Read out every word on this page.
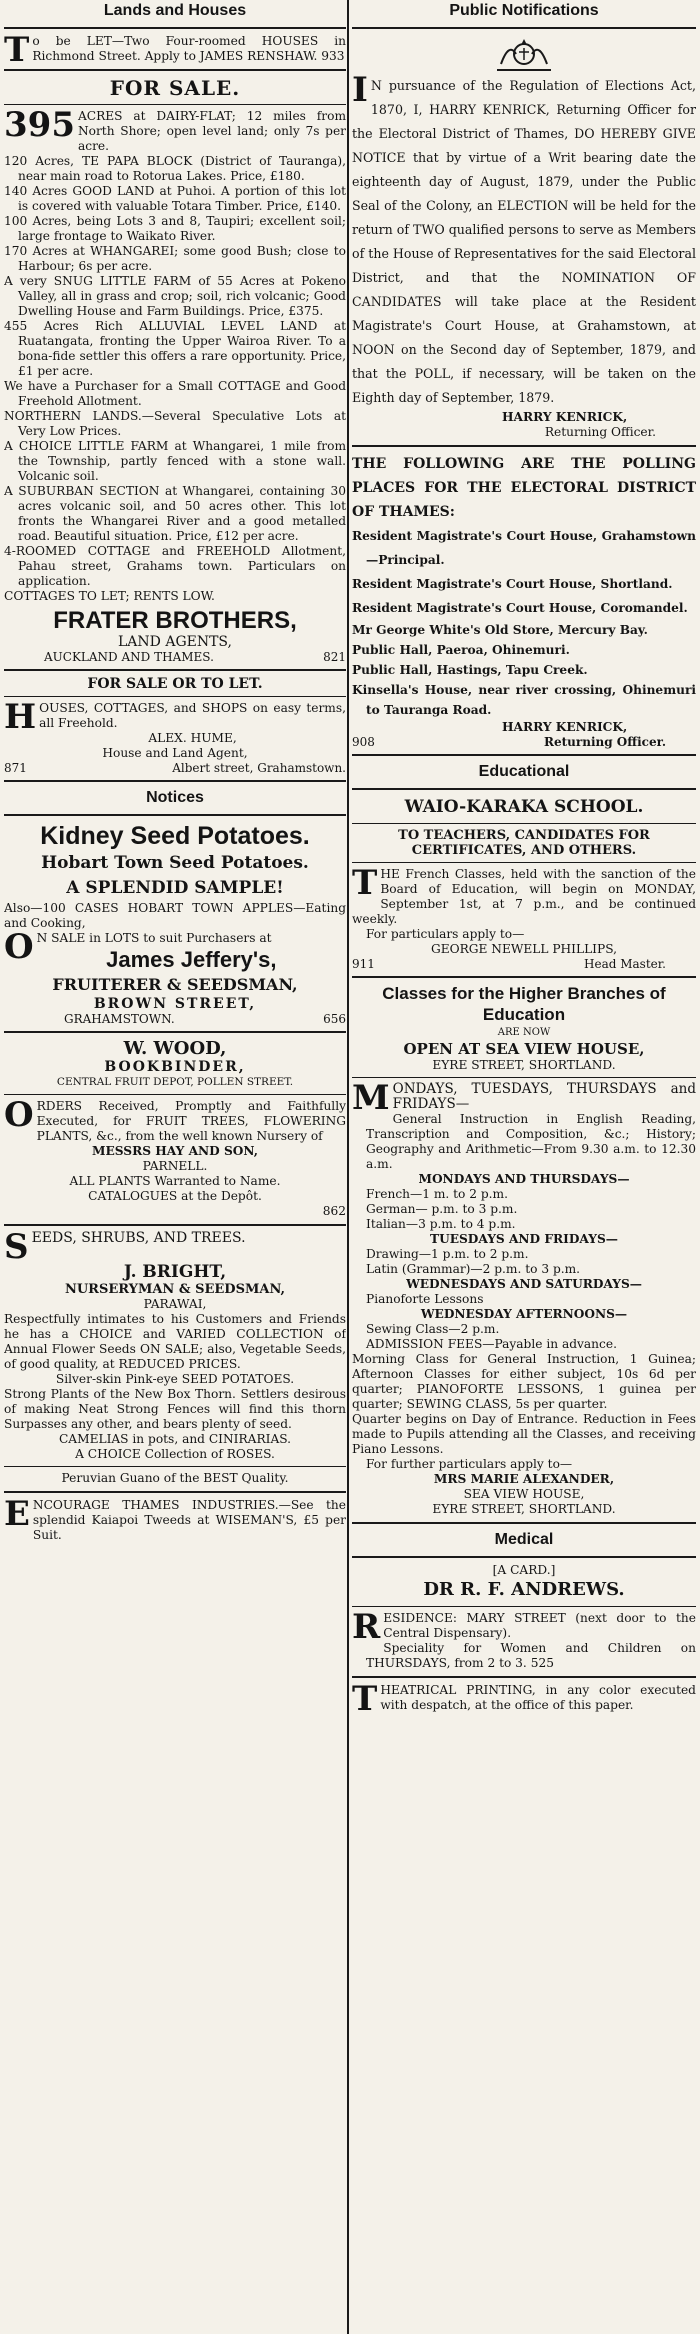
Lands and Houses

To be LET—Two Four-roomed HOUSES in Richmond Street. Apply to JAMES RENSHAW. 933

FOR SALE.

395 ACRES at DAIRY-FLAT; 12 miles from North Shore; open level land; only 7s per acre.

120 Acres, TE PAPA BLOCK (District of Tauranga), near main road to Rotorua Lakes. Price, £180.

140 Acres GOOD LAND at Puhoi. A portion of this lot is covered with valuable Totara Timber. Price, £140.

100 Acres, being Lots 3 and 8, Taupiri; excellent soil; large frontage to Waikato River.

170 Acres at WHANGAREI; some good Bush; close to Harbour; 6s per acre.

A very SNUG LITTLE FARM of 55 Acres at Pokeno Valley, all in grass and crop; soil, rich volcanic; Good Dwelling House and Farm Buildings. Price, £375.

455 Acres Rich ALLUVIAL LEVEL LAND at Ruatangata, fronting the Upper Wairoa River. To a bona-fide settler this offers a rare opportunity. Price, £1 per acre.

We have a Purchaser for a Small COTTAGE and Good Freehold Allotment.

NORTHERN LANDS.—Several Speculative Lots at Very Low Prices.

A CHOICE LITTLE FARM at Whangarei, 1 mile from the Township, partly fenced with a stone wall. Volcanic soil.

A SUBURBAN SECTION at Whangarei, containing 30 acres volcanic soil, and 50 acres other. This lot fronts the Whangarei River and a good metalled road. Beautiful situation. Price, £12 per acre.

4-ROOMED COTTAGE and FREEHOLD Allotment, Pahau street, Grahams town. Particulars on application.

COTTAGES TO LET; RENTS LOW.

FRATER BROTHERS,

LAND AGENTS,

AUCKLAND AND THAMES.	821
FOR SALE OR TO LET.

HOUSES, COTTAGES, and SHOPS on easy terms, all Freehold.

ALEX. HUME,

House and Land Agent,

871	Albert street, Grahamstown.
Notices
Kidney Seed Potatoes.
Hobart Town Seed Potatoes.
A SPLENDID SAMPLE!

Also—100 CASES HOBART TOWN APPLES—Eating and Cooking,

O N SALE in LOTS to suit Purchasers at

James Jeffery's,
FRUITERER & SEEDSMAN,
BROWN STREET,
GRAHAMSTOWN.	656
W. WOOD,
BOOKBINDER,

CENTRAL FRUIT DEPOT, POLLEN STREET.

ORDERS Received, Promptly and Faithfully Executed, for FRUIT TREES, FLOWERING PLANTS, &c., from the well known Nursery of

MESSRS HAY AND SON,

PARNELL.

ALL PLANTS Warranted to Name.

CATALOGUES at the Depôt.

862

SEEDS, SHRUBS, AND TREES.

J. BRIGHT,
NURSERYMAN & SEEDSMAN,

PARAWAI,

Respectfully intimates to his Customers and Friends he has a CHOICE and VARIED COLLECTION of Annual Flower Seeds ON SALE; also, Vegetable Seeds, of good quality, at REDUCED PRICES.

Silver-skin Pink-eye SEED POTATOES.

Strong Plants of the New Box Thorn. Settlers desirous of making Neat Strong Fences will find this thorn Surpasses any other, and bears plenty of seed.

CAMELIAS in pots, and CINIRARIAS.

A CHOICE Collection of ROSES.

Peruvian Guano of the BEST Quality.

ENCOURAGE THAMES INDUSTRIES.—See the splendid Kaiapoi Tweeds at WISEMAN'S, £5 per Suit.

Public Notifications

I N pursuance of the Regulation of Elections Act, 1870, I, HARRY KENRICK, Returning Officer for the Electoral District of Thames, DO HEREBY GIVE NOTICE that by virtue of a Writ bearing date the eighteenth day of August, 1879, under the Public Seal of the Colony, an ELECTION will be held for the return of TWO qualified persons to serve as Members of the House of Representatives for the said Electoral District, and that the NOMINATION OF CANDIDATES will take place at the Resident Magistrate's Court House, at Grahamstown, at NOON on the Second day of September, 1879, and that the POLL, if necessary, will be taken on the Eighth day of September, 1879.

HARRY KENRICK,

Returning Officer.

THE FOLLOWING ARE THE POLLING PLACES FOR THE ELECTORAL DISTRICT OF THAMES:

Resident Magistrate's Court House, Grahamstown—Principal.

Resident Magistrate's Court House, Shortland.

Resident Magistrate's Court House, Coromandel.

Mr George White's Old Store, Mercury Bay.

Public Hall, Paeroa, Ohinemuri.

Public Hall, Hastings, Tapu Creek.

Kinsella's House, near river crossing, Ohinemuri to Tauranga Road.

HARRY KENRICK,

908	Returning Officer.
Educational
WAIO-KARAKA SCHOOL.

TO TEACHERS, CANDIDATES FOR CERTIFICATES, AND OTHERS.

THE French Classes, held with the sanction of the Board of Education, will begin on MONDAY, September 1st, at 7 p.m., and be continued weekly.

For particulars apply to—

GEORGE NEWELL PHILLIPS,

911	Head Master.
Classes for the Higher Branches of Education

ARE NOW

OPEN AT SEA VIEW HOUSE,

EYRE STREET, SHORTLAND.

MONDAYS, TUESDAYS, THURSDAYS and FRIDAYS—

General Instruction in English Reading, Transcription and Composition, &c.; History; Geography and Arithmetic—From 9.30 a.m. to 12.30 a.m.

MONDAYS AND THURSDAYS—

French—1 m. to 2 p.m.

German— p.m. to 3 p.m.

Italian—3 p.m. to 4 p.m.

TUESDAYS AND FRIDAYS—

Drawing—1 p.m. to 2 p.m.

Latin (Grammar)—2 p.m. to 3 p.m.

WEDNESDAYS AND SATURDAYS—

Pianoforte Lessons

WEDNESDAY AFTERNOONS—

Sewing Class—2 p.m.

ADMISSION FEES—Payable in advance.

Morning Class for General Instruction, 1 Guinea; Afternoon Classes for either subject, 10s 6d per quarter; PIANOFORTE LESSONS, 1 guinea per quarter; SEWING CLASS, 5s per quarter.

Quarter begins on Day of Entrance. Reduction in Fees made to Pupils attending all the Classes, and receiving Piano Lessons.

For further particulars apply to—

MRS MARIE ALEXANDER,

SEA VIEW HOUSE,

EYRE STREET, SHORTLAND.

Medical

[A CARD.]

DR R. F. ANDREWS.

RESIDENCE: MARY STREET (next door to the Central Dispensary).

Speciality for Women and Children on THURSDAYS, from 2 to 3. 525

THEATRICAL PRINTING, in any color executed with despatch, at the office of this paper.
